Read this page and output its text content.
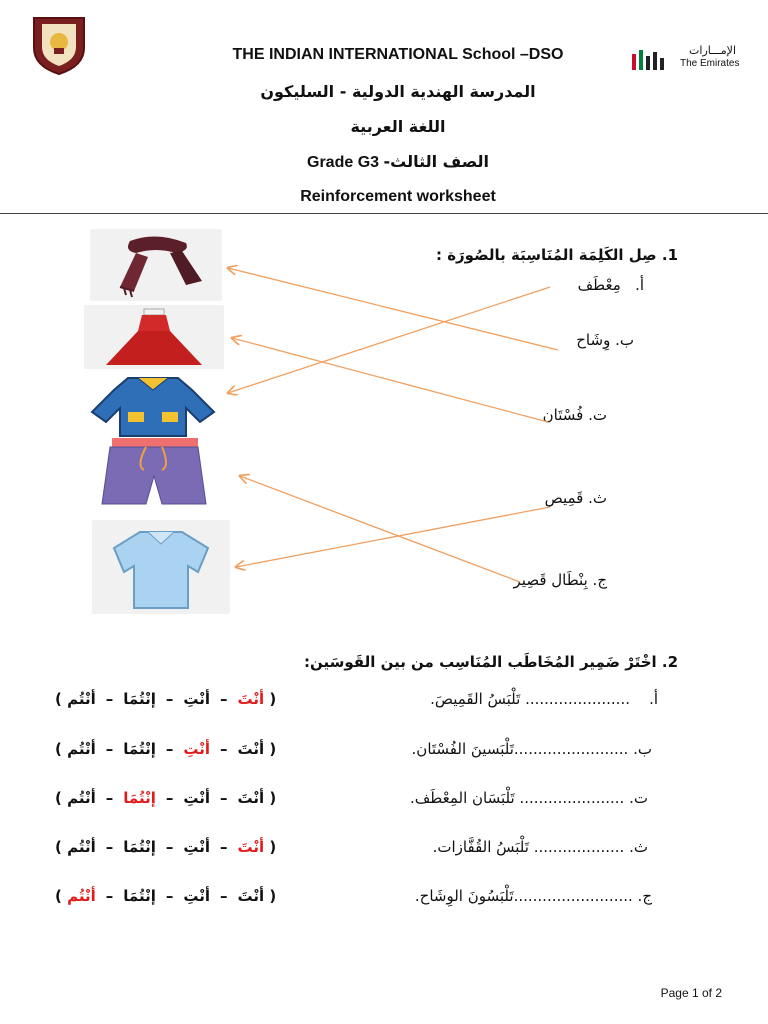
الإمـــارات
The Emirates
THE INDIAN INTERNATIONAL School –DSO
المدرسة الهندية الدولية - السليكون
اللغة العربية
Grade G3 الصف الثالث-
Reinforcement worksheet
1. صِل الكَلِمَة المُنَاسِبَة بالصُورَة :
أ.   مِعْطَف
ب. وِشَاح
ت. فُسْتَان
ث. قَمِيص
ج. بِنْطَال قَصِير
2. اخْتَرْ ضَمِير المُخَاطَب المُنَاسِب من بين القَوسَين:
أ.    ...................... تَلْبَسُ القَمِيصَ.
( أنْتَ–أنْتِ–إنْتُمَا–أنْتُم )
ب. ........................تَلْبَسينَ الفُسْتَان.
( أنْتَ–أنْتِ–إنْتُمَا–أنْتُم )
ت. ...................... تَلْبَسَان المِعْطَف.
( أنْتَ–أنْتِ–إنْتُمَا–أنْتُم )
ث. ................... تَلْبَسُ القُفَّازات.
( أنْتَ–أنْتِ–إنْتُمَا–أنْتُم )
ج. .........................تَلْبَسُونَ الوِشَاح.
( أنْتَ–أنْتِ–إنْتُمَا–أنْتُم )
Page 1 of 2
